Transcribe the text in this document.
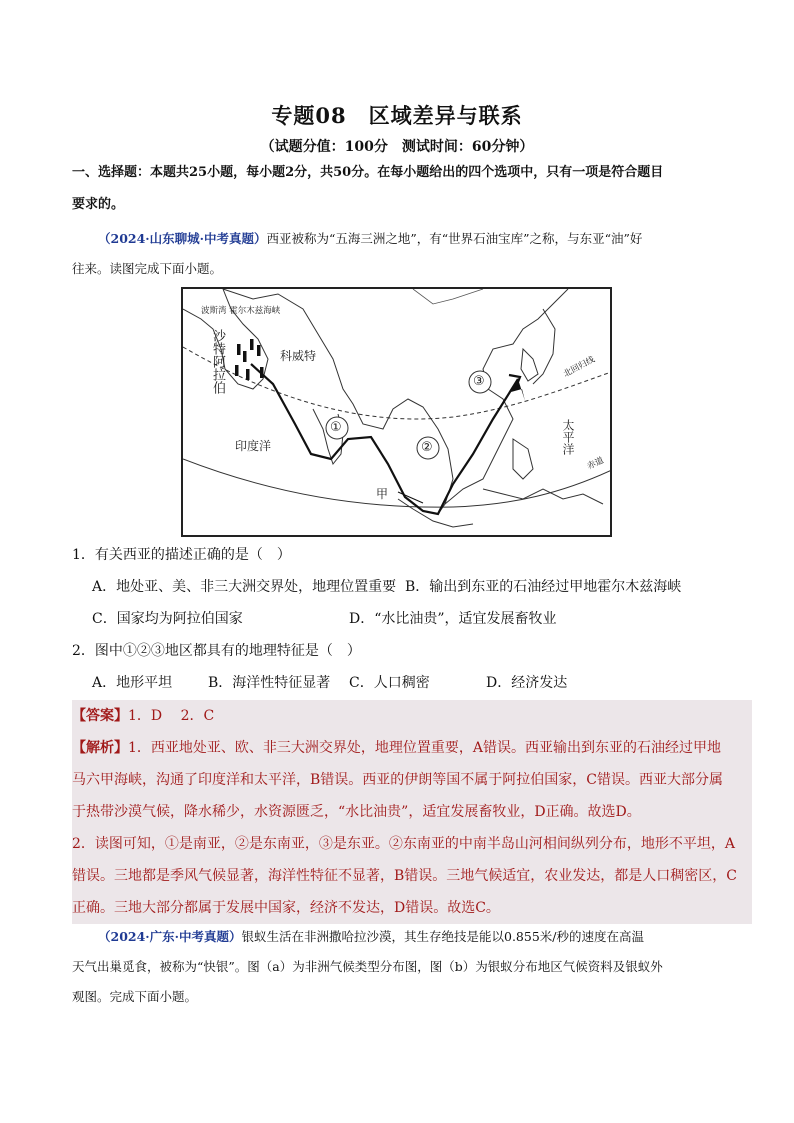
专题08 区域差异与联系
（试题分值：100分　测试时间：60分钟）
一、选择题：本题共25小题，每小题2分，共50分。在每小题给出的四个选项中，只有一项是符合题目
要求的。
（2024·山东聊城·中考真题）西亚被称为“五海三洲之地”，有“世界石油宝库”之称，与东亚“油”好
往来。读图完成下面小题。
波斯湾 霍尔木兹海峡
沙特阿拉伯	科威特
印度洋	太平洋
北回归线
赤道
甲
①
②
③
1．有关西亚的描述正确的是（　）
A．地处亚、美、非三大洲交界处，地理位置重要 B．输出到东亚的石油经过甲地霍尔木兹海峡
C．国家均为阿拉伯国家	D．“水比油贵”，适宜发展畜牧业
2．图中①②③地区都具有的地理特征是（　）
A．地形平坦	B．海洋性特征显著 C．人口稠密	D．经济发达
【答案】1．D　 2．C
【解析】1．西亚地处亚、欧、非三大洲交界处，地理位置重要，A错误。西亚输出到东亚的石油经过甲地
马六甲海峡，沟通了印度洋和太平洋，B错误。西亚的伊朗等国不属于阿拉伯国家，C错误。西亚大部分属
于热带沙漠气候，降水稀少，水资源匮乏，“水比油贵”，适宜发展畜牧业，D正确。故选D。
2．读图可知，①是南亚，②是东南亚，③是东亚。②东南亚的中南半岛山河相间纵列分布，地形不平坦，A
错误。三地都是季风气候显著，海洋性特征不显著，B错误。三地气候适宜，农业发达，都是人口稠密区，C
正确。三地大部分都属于发展中国家，经济不发达，D错误。故选C。
（2024·广东·中考真题）银蚁生活在非洲撒哈拉沙漠，其生存绝技是能以0.855米/秒的速度在高温
天气出巢觅食，被称为“快银”。图（a）为非洲气候类型分布图，图（b）为银蚁分布地区气候资料及银蚁外
观图。完成下面小题。
